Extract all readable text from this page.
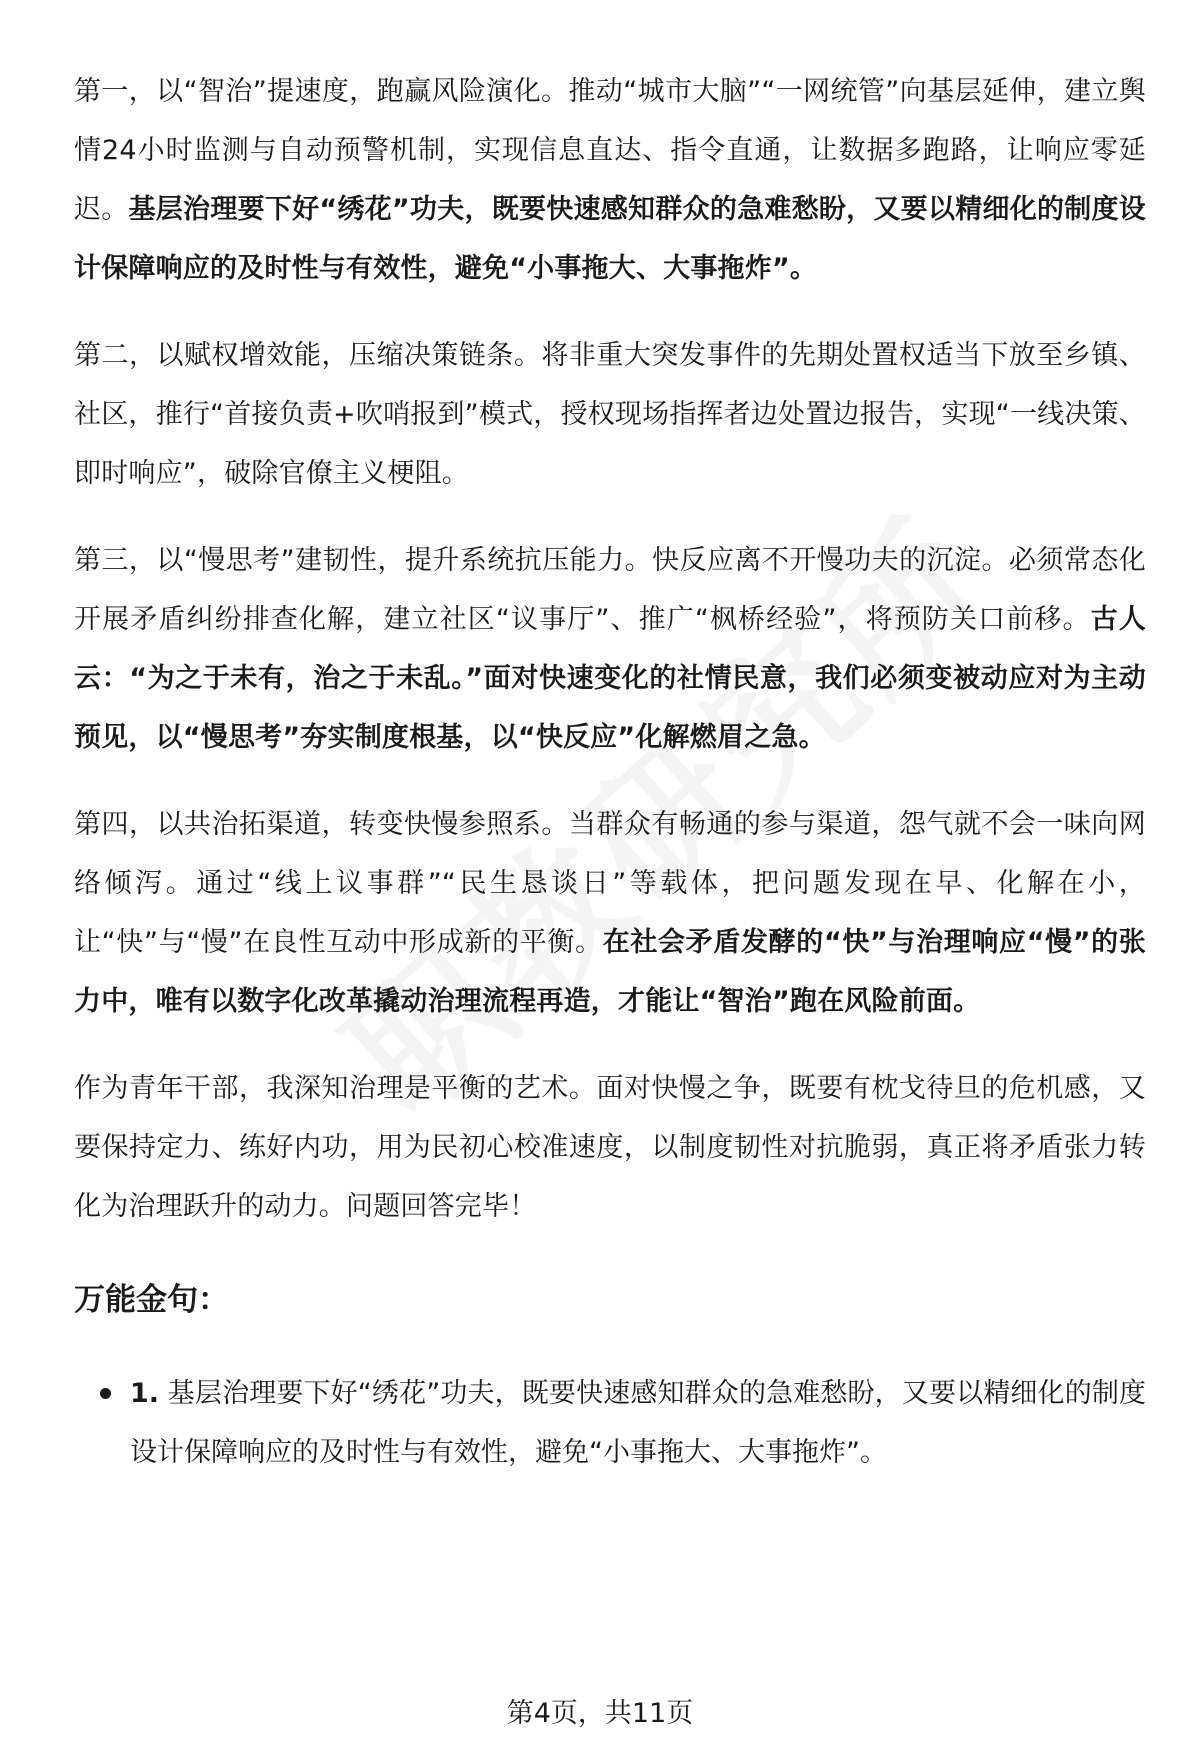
第一，以“智治”提速度，跑赢风险演化。推动“城市大脑”“一网统管”向基层延伸，建立舆情24小时监测与自动预警机制，实现信息直达、指令直通，让数据多跑路，让响应零延迟。基层治理要下好“绣花”功夫，既要快速感知群众的急难愁盼，又要以精细化的制度设计保障响应的及时性与有效性，避免“小事拖大、大事拖炸”。

第二，以赋权增效能，压缩决策链条。将非重大突发事件的先期处置权适当下放至乡镇、社区，推行“首接负责+吹哨报到”模式，授权现场指挥者边处置边报告，实现“一线决策、即时响应”，破除官僚主义梗阻。

第三，以“慢思考”建韧性，提升系统抗压能力。快反应离不开慢功夫的沉淀。必须常态化开展矛盾纠纷排查化解，建立社区“议事厅”、推广“枫桥经验”，将预防关口前移。古人云：“为之于未有，治之于未乱。”面对快速变化的社情民意，我们必须变被动应对为主动预见，以“慢思考”夯实制度根基，以“快反应”化解燃眉之急。

第四，以共治拓渠道，转变快慢参照系。当群众有畅通的参与渠道，怨气就不会一味向网络倾泻。通过“线上议事群”“民生恳谈日”等载体，把问题发现在早、化解在小，让“快”与“慢”在良性互动中形成新的平衡。在社会矛盾发酵的“快”与治理响应“慢”的张力中，唯有以数字化改革撬动治理流程再造，才能让“智治”跑在风险前面。

作为青年干部，我深知治理是平衡的艺术。面对快慢之争，既要有枕戈待旦的危机感，又要保持定力、练好内功，用为民初心校准速度，以制度韧性对抗脆弱，真正将矛盾张力转化为治理跃升的动力。问题回答完毕！

万能金句：
1. 基层治理要下好“绣花”功夫，既要快速感知群众的急难愁盼，又要以精细化的制度设计保障响应的及时性与有效性，避免“小事拖大、大事拖炸”。
第4页，共11页
